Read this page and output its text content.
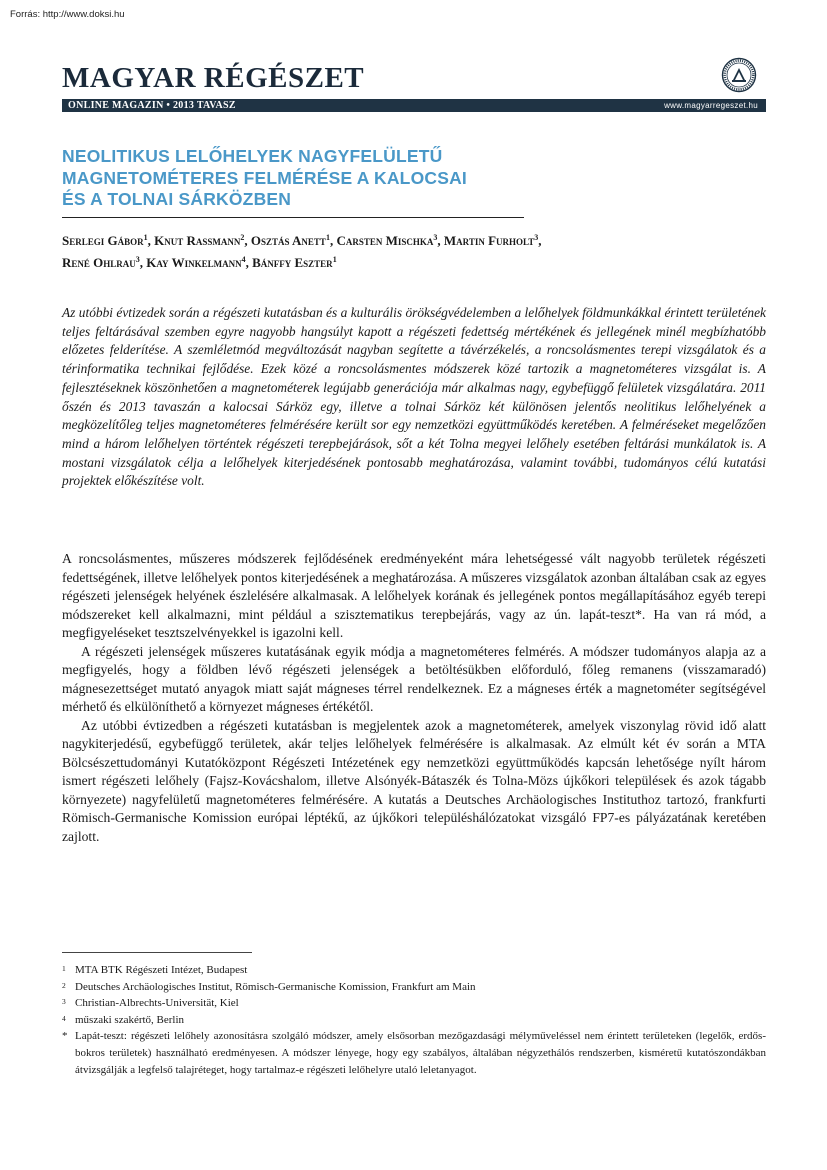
Forrás: http://www.doksi.hu
MAGYAR RÉGÉSZET
ONLINE MAGAZIN • 2013 TAVASZ	www.magyarregeszet.hu
NEOLITIKUS LELŐHELYEK NAGYFELÜLETŰ
MAGNETOMÉTERES FELMÉRÉSE A KALOCSAI
ÉS A TOLNAI SÁRKÖZBEN
Serlegi Gábor$^1$, Knut Rassmann$^2$, Osztás Anett$^1$, Carsten Mischka$^3$, Martin Furholt$^3$,
René Ohlrau$^3$, Kay Winkelmann$^4$, Bánffy Eszter$^1$
Az utóbbi évtizedek során a régészeti kutatásban és a kulturális örökségvédelemben a lelőhelyek földmunkákkal érintett területének teljes feltárásával szemben egyre nagyobb hangsúlyt kapott a régészeti fedettség mértékének és jellegének minél megbízhatóbb előzetes felderítése. A szemléletmód megváltozását nagyban segítette a távérzékelés, a roncsolásmentes terepi vizsgálatok és a térinformatika technikai fejlődése. Ezek közé a roncsolásmentes módszerek közé tartozik a magnetométeres vizsgálat is. A fejlesztéseknek köszönhetően a magnetométerek legújabb generációja már alkalmas nagy, egybefüggő felületek vizsgálatára. 2011 őszén és 2013 tavaszán a kalocsai Sárköz egy, illetve a tolnai Sárköz két különösen jelentős neolitikus lelőhelyének a megközelítőleg teljes magnetométeres felmérésére került sor egy nemzetközi együttműködés keretében. A felméréseket megelőzően mind a három lelőhelyen történtek régészeti terepbejárások, sőt a két Tolna megyei lelőhely esetében feltárási munkálatok is. A mostani vizsgálatok célja a lelőhelyek kiterjedésének pontosabb meghatározása, valamint további, tudományos célú kutatási projektek előkészítése volt.

A roncsolásmentes, műszeres módszerek fejlődésének eredményeként mára lehetségessé vált nagyobb területek régészeti fedettségének, illetve lelőhelyek pontos kiterjedésének a meghatározása. A műszeres vizsgálatok azonban általában csak az egyes régészeti jelenségek helyének észlelésére alkalmasak. A lelőhelyek korának és jellegének pontos megállapításához egyéb terepi módszereket kell alkalmazni, mint például a szisztematikus terepbejárás, vagy az ún. lapát-teszt*. Ha van rá mód, a megfigyeléseket tesztszelvényekkel is igazolni kell.

A régészeti jelenségek műszeres kutatásának egyik módja a magnetométeres felmérés. A módszer tudományos alapja az a megfigyelés, hogy a földben lévő régészeti jelenségek a betöltésükben előforduló, főleg remanens (visszamaradó) mágnesezettséget mutató anyagok miatt saját mágneses térrel rendelkeznek. Ez a mágneses érték a magnetométer segítségével mérhető és elkülöníthető a környezet mágneses értékétől.

Az utóbbi évtizedben a régészeti kutatásban is megjelentek azok a magnetométerek, amelyek viszonylag rövid idő alatt nagykiterjedésű, egybefüggő területek, akár teljes lelőhelyek felmérésére is alkalmasak. Az elmúlt két év során a MTA Bölcsészettudományi Kutatóközpont Régészeti Intézetének egy nemzetközi együttműködés kapcsán lehetősége nyílt három ismert régészeti lelőhely (Fajsz-Kovácshalom, illetve Alsónyék-Bátaszék és Tolna-Mözs újkőkori települések és azok tágabb környezete) nagyfelületű magnetométeres felmérésére. A kutatás a Deutsches Archäologisches Instituthoz tartozó, frankfurti Römisch-Germanische Komission európai léptékű, az újkőkori településhálózatokat vizsgáló FP7-es pályázatának keretében zajlott.

1 MTA BTK Régészeti Intézet, Budapest
2 Deutsches Archäologisches Institut, Römisch-Germanische Komission, Frankfurt am Main
3 Christian-Albrechts-Universität, Kiel
4 műszaki szakértő, Berlin
* Lapát-teszt: régészeti lelőhely azonosításra szolgáló módszer, amely elsősorban mezőgazdasági mélyműveléssel nem érintett területeken (legelők, erdős-bokros területek) használható eredményesen. A módszer lényege, hogy egy szabályos, általában négyzethálós rendszerben, kisméretű kutatószondákban átvizsgálják a legfelső talajréteget, hogy tartalmaz-e régészeti lelőhelyre utaló leletanyagot.
